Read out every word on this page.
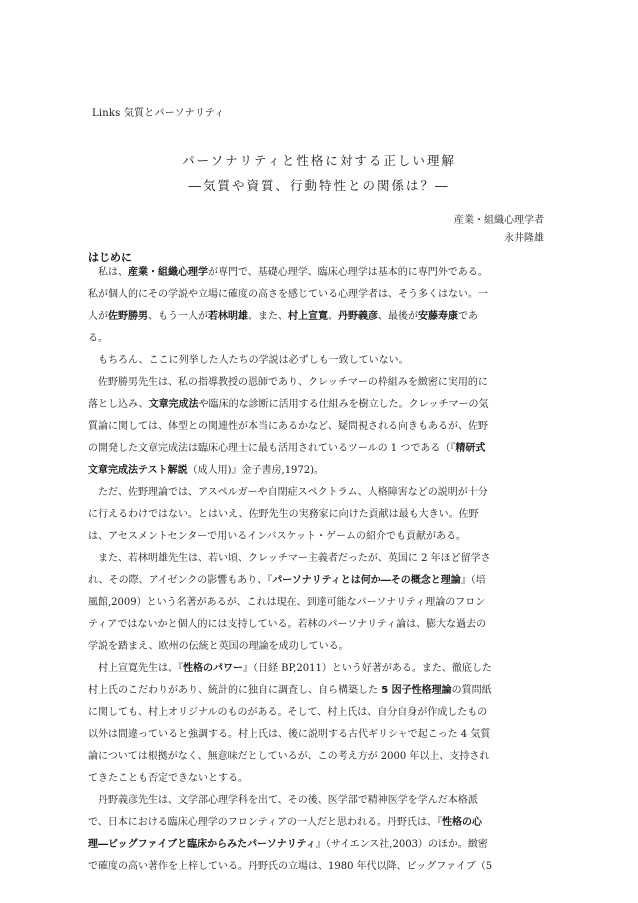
Links 気質とパーソナリティ
パーソナリティと性格に対する正しい理解
―気質や資質、行動特性との関係は？―
産業・組織心理学者
永井隆雄
はじめに
私は、産業・組織心理学が専門で、基礎心理学、臨床心理学は基本的に専門外である。
私が個人的にその学説や立場に確度の高さを感じている心理学者は、そう多くはない。一
人が佐野勝男、もう一人が若林明雄、また、村上宣寛、丹野義彦、最後が安藤寿康であ
る。
もちろん、ここに列挙した人たちの学説は必ずしも一致していない。
佐野勝男先生は、私の指導教授の恩師であり、クレッチマーの枠組みを緻密に実用的に
落とし込み、文章完成法や臨床的な診断に活用する仕組みを樹立した。クレッチマーの気
質論に関しては、体型との関連性が本当にあるかなど、疑問視される向きもあるが、佐野
の開発した文章完成法は臨床心理士に最も活用されているツールの 1 つである（『精研式
文章完成法テスト解説（成人用)』金子書房,1972)。
ただ、佐野理論では、アスペルガーや自閉症スペクトラム、人格障害などの説明が十分
に行えるわけではない。とはいえ、佐野先生の実務家に向けた貢献は最も大きい。佐野
は、アセスメントセンターで用いるインバスケット・ゲームの紹介でも貢献がある。
また、若林明雄先生は、若い頃、クレッチマー主義者だったが、英国に 2 年ほど留学さ
れ、その際、アイゼンクの影響もあり、『パーソナリティとは何か―その概念と理論』（培
風館,2009）という名著があるが、これは現在、到達可能なパーソナリティ理論のフロン
ティアではないかと個人的には支持している。若林のパーソナリティ論は、膨大な過去の
学説を踏まえ、欧州の伝統と英国の理論を成功している。
村上宣寛先生は、『性格のパワー』（日経 BP,2011）という好著がある。また、徹底した
村上氏のこだわりがあり、統計的に独自に調査し、自ら構築した 5 因子性格理論の質問紙
に関しても、村上オリジナルのものがある。そして、村上氏は、自分自身が作成したもの
以外は間違っていると強調する。村上氏は、後に説明する古代ギリシャで起こった 4 気質
論については根拠がなく、無意味だとしているが、この考え方が 2000 年以上、支持され
てきたことも否定できないとする。
丹野義彦先生は、文学部心理学科を出て、その後、医学部で精神医学を学んだ本格派
で、日本における臨床心理学のフロンティアの一人だと思われる。丹野氏は、『性格の心
理―ビッグファイブと臨床からみたパーソナリティ』（サイエンス社,2003）のほか。緻密
で確度の高い著作を上梓している。丹野氏の立場は、1980 年代以降、ビッグファイブ（5
